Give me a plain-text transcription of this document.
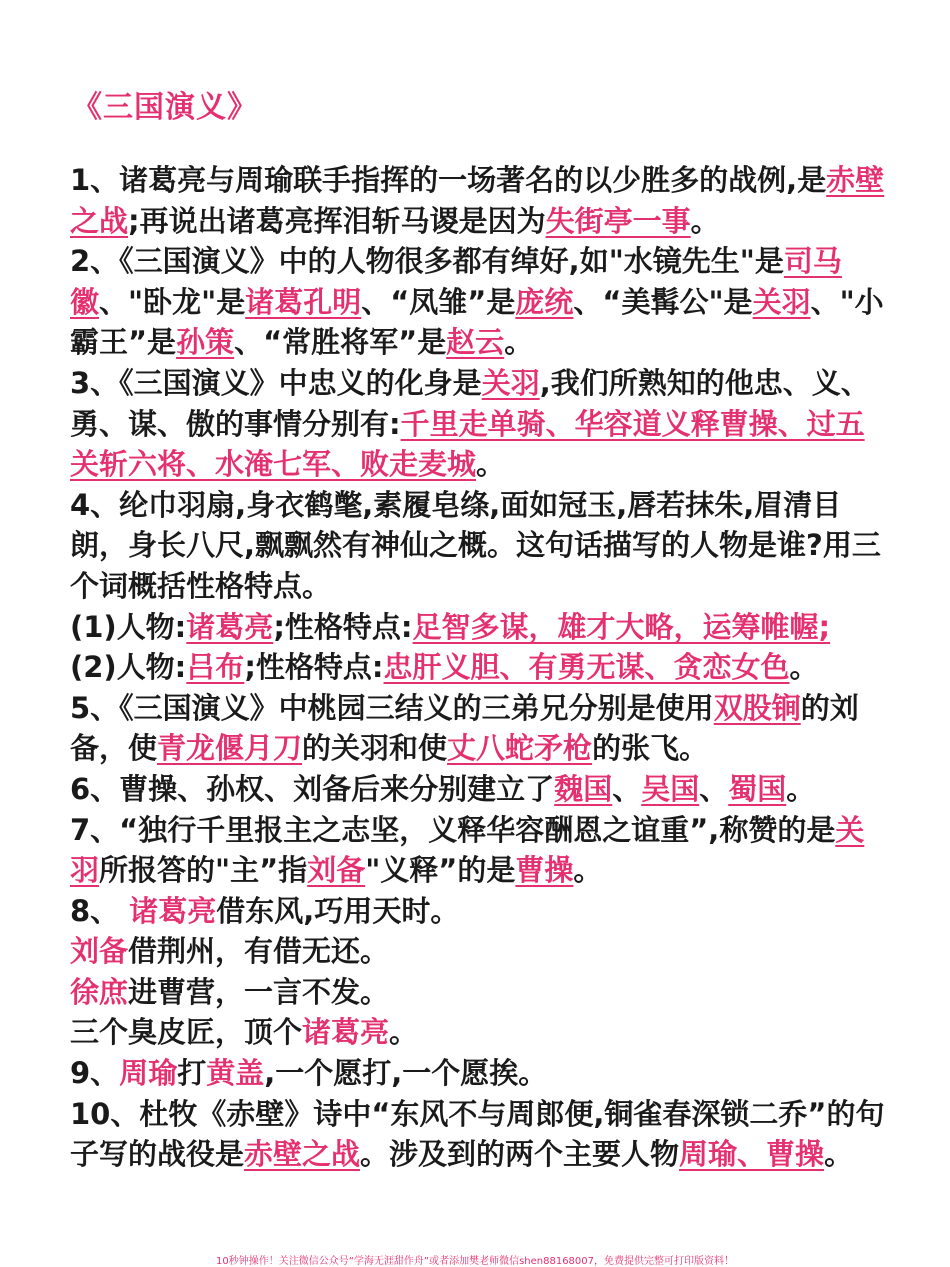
《三国演义》

1、诸葛亮与周瑜联手指挥的一场著名的以少胜多的战例,是赤壁之战;再说出诸葛亮挥泪斩马谡是因为失街亭一事。

2、《三国演义》中的人物很多都有绰好,如"水镜先生"是司马徽、"卧龙"是诸葛孔明、“凤雏”是庞统、“美髯公"是关羽、"小霸王”是孙策、“常胜将军”是赵云。

3、《三国演义》中忠义的化身是关羽,我们所熟知的他忠、义、勇、谋、傲的事情分别有:千里走单骑、华容道义释曹操、过五关斩六将、水淹七军、败走麦城。

4、纶巾羽扇,身衣鹤氅,素履皂绦,面如冠玉,唇若抹朱,眉清目朗，身长八尺,飘飘然有神仙之概。这句话描写的人物是谁?用三个词概括性格特点。

(1)人物:诸葛亮;性格特点:足智多谋，雄才大略，运筹帷幄;

(2)人物:吕布;性格特点:忠肝义胆、有勇无谋、贪恋女色。

5、《三国演义》中桃园三结义的三弟兄分别是使用双股锏的刘备，使青龙偃月刀的关羽和使丈八蛇矛枪的张飞。

6、曹操、孙权、刘备后来分别建立了魏国、吴国、蜀国。

7、“独行千里报主之志坚，义释华容酬恩之谊重”,称赞的是关羽所报答的"主”指刘备"义释”的是曹操。

8、 诸葛亮借东风,巧用天时。

刘备借荆州，有借无还。

徐庶进曹营，一言不发。

三个臭皮匠，顶个诸葛亮。

9、周瑜打黄盖,一个愿打,一个愿挨。

10、杜牧《赤壁》诗中“东风不与周郎便,铜雀春深锁二乔”的句子写的战役是赤壁之战。涉及到的两个主要人物周瑜、曹操。

10秒钟操作！关注微信公众号“学海无涯甜作舟”或者添加樊老师微信shen88168007，免费提供完整可打印版资料！
